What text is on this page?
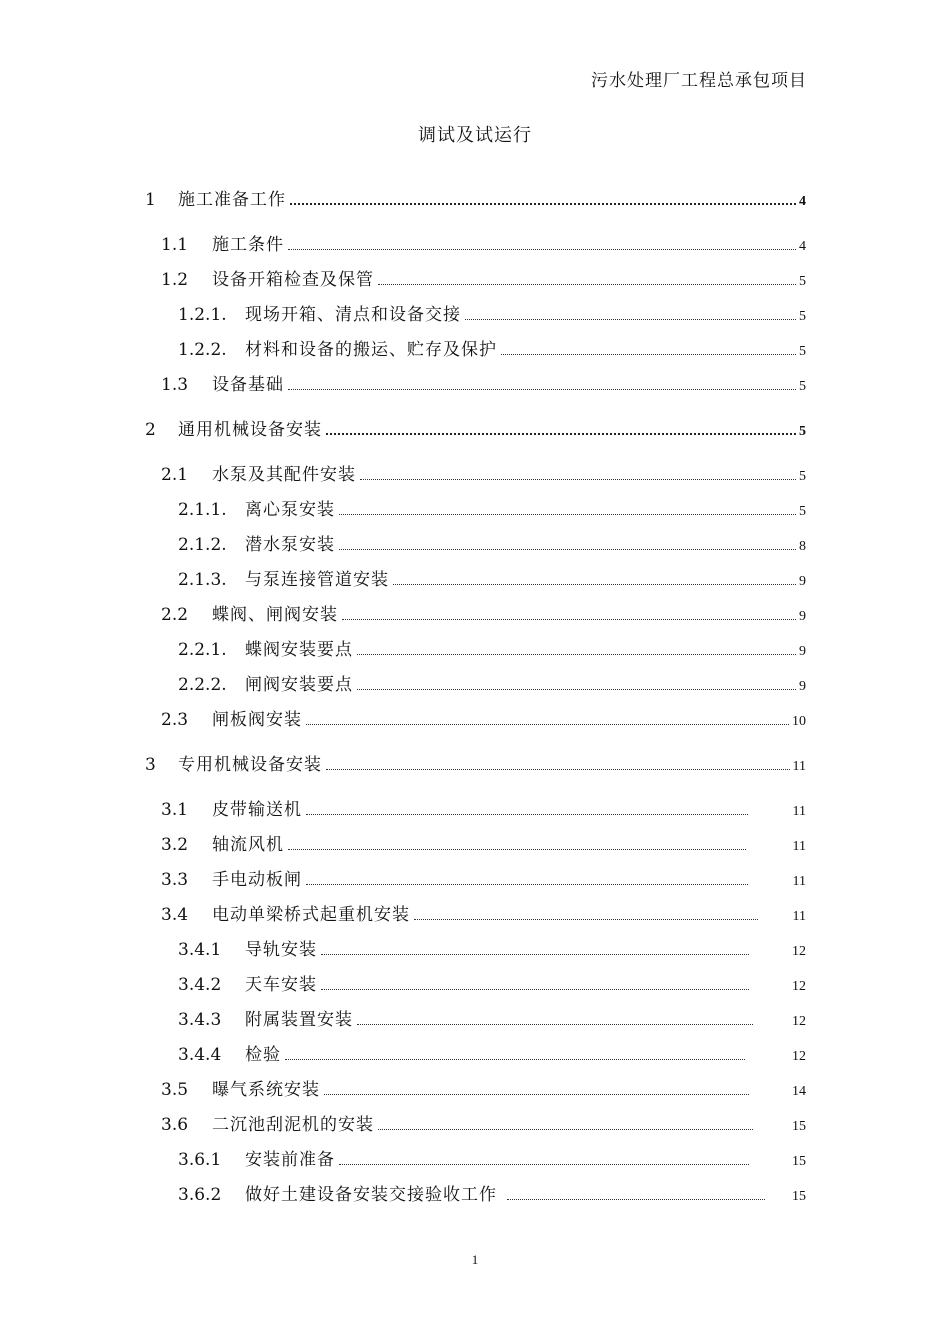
污水处理厂工程总承包项目
调试及试运行
1	施工准备工作	4
1.1	施工条件	4
1.2	设备开箱检查及保管	5
1.2.1.	现场开箱、清点和设备交接	5
1.2.2.	材料和设备的搬运、贮存及保护	5
1.3	设备基础	5
2	通用机械设备安装	5
2.1	水泵及其配件安装	5
2.1.1.	离心泵安装	5
2.1.2.	潜水泵安装	8
2.1.3.	与泵连接管道安装	9
2.2	蝶阀、闸阀安装	9
2.2.1.	蝶阀安装要点	9
2.2.2.	闸阀安装要点	9
2.3	闸板阀安装	10
3	专用机械设备安装	11
3.1	皮带输送机	11
3.2	轴流风机	11
3.3	手电动板闸	11
3.4	电动单梁桥式起重机安装	11
3.4.1	导轨安装	12
3.4.2	天车安装	12
3.4.3	附属装置安装	12
3.4.4	检验	12
3.5	曝气系统安装	14
3.6	二沉池刮泥机的安装	15
3.6.1	安装前准备	15
3.6.2	做好土建设备安装交接验收工作	15
1
